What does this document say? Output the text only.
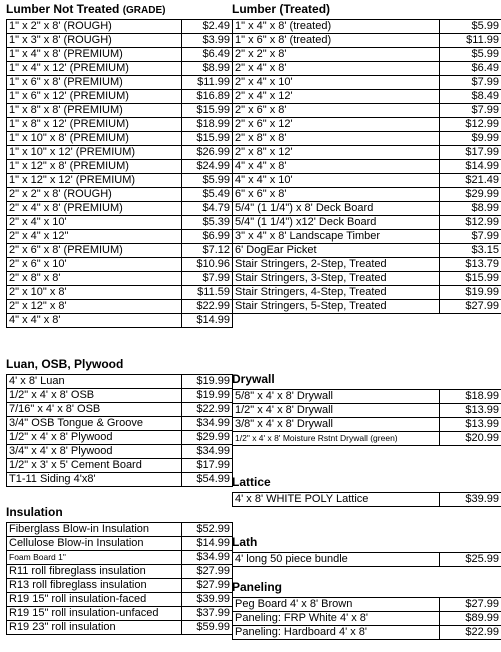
Lumber Not Treated (GRADE)
1" x 2" x 8' (ROUGH)	$2.49
1" x 3" x 8' (ROUGH)	$3.99
1" x 4" x 8' (PREMIUM)	$6.49
1" x 4" x 12' (PREMIUM)	$8.99
1" x 6" x 8' (PREMIUM)	$11.99
1" x 6" x 12' (PREMIUM)	$16.89
1" x 8" x 8' (PREMIUM)	$15.99
1" x 8" x 12' (PREMIUM)	$18.99
1" x 10" x 8' (PREMIUM)	$15.99
1" x 10" x 12' (PREMIUM)	$26.99
1" x 12" x 8' (PREMIUM)	$24.99
1" x 12" x 12' (PREMIUM)	$5.99
2" x 2" x 8' (ROUGH)	$5.49
2" x 4" x 8' (PREMIUM)	$4.79
2" x 4" x 10'	$5.39
2" x 4" x 12"	$6.99
2" x 6" x 8' (PREMIUM)	$7.12
2" x 6" x 10'	$10.96
2" x 8" x 8'	$7.99
2" x 10" x 8'	$11.59
2" x 12" x 8'	$22.99
4" x 4" x 8'	$14.99
Lumber (Treated)
1" x 4" x 8' (treated)	$5.99
1" x 6" x 8' (treated)	$11.99
2" x 2" x 8'	$5.99
2" x 4" x 8'	$6.49
2" x 4" x 10'	$7.99
2" x 4" x 12'	$8.49
2" x 6" x 8'	$7.99
2" x 6" x 12'	$12.99
2" x 8" x 8'	$9.99
2" x 8" x 12'	$17.99
4" x 4" x 8'	$14.99
4" x 4" x 10'	$21.49
6" x 6" x 8'	$29.99
5/4" (1 1/4") x 8' Deck Board	$8.99
5/4" (1 1/4") x12' Deck Board	$12.99
3" x 4" x 8' Landscape Timber	$7.99
6' DogEar Picket	$3.15
Stair Stringers, 2-Step, Treated	$13.79
Stair Stringers, 3-Step, Treated	$15.99
Stair Stringers, 4-Step, Treated	$19.99
Stair Stringers, 5-Step, Treated	$27.99
Luan, OSB, Plywood
4' x 8' Luan	$19.99
1/2" x 4' x 8' OSB	$19.99
7/16" x 4' x 8' OSB	$22.99
3/4" OSB Tongue & Groove	$34.99
1/2" x 4' x 8' Plywood	$29.99
3/4" x 4' x 8' Plywood	$34.99
1/2" x 3' x 5' Cement Board	$17.99
T1-11 Siding 4'x8'	$54.99
Drywall
5/8" x 4' x 8' Drywall	$18.99
1/2" x 4' x 8' Drywall	$13.99
3/8" x 4' x 8' Drywall	$13.99
1/2" x 4' x 8' Moisture Rstnt Drywall (green)	$20.99
Lattice
4' x 8' WHITE POLY Lattice	$39.99
Insulation
Fiberglass Blow-in Insulation	$52.99
Cellulose Blow-in Insulation	$14.99
Foam Board 1"	$34.99
R11 roll fibreglass insulation	$27.99
R13 roll fibreglass insulation	$27.99
R19 15" roll insulation-faced	$39.99
R19 15" roll insulation-unfaced	$37.99
R19 23" roll insulation	$59.99
Lath
4' long 50 piece bundle	$25.99
Paneling
Peg Board 4' x 8' Brown	$27.99
Paneling: FRP White 4' x 8'	$89.99
Paneling: Hardboard 4' x 8'	$22.99
